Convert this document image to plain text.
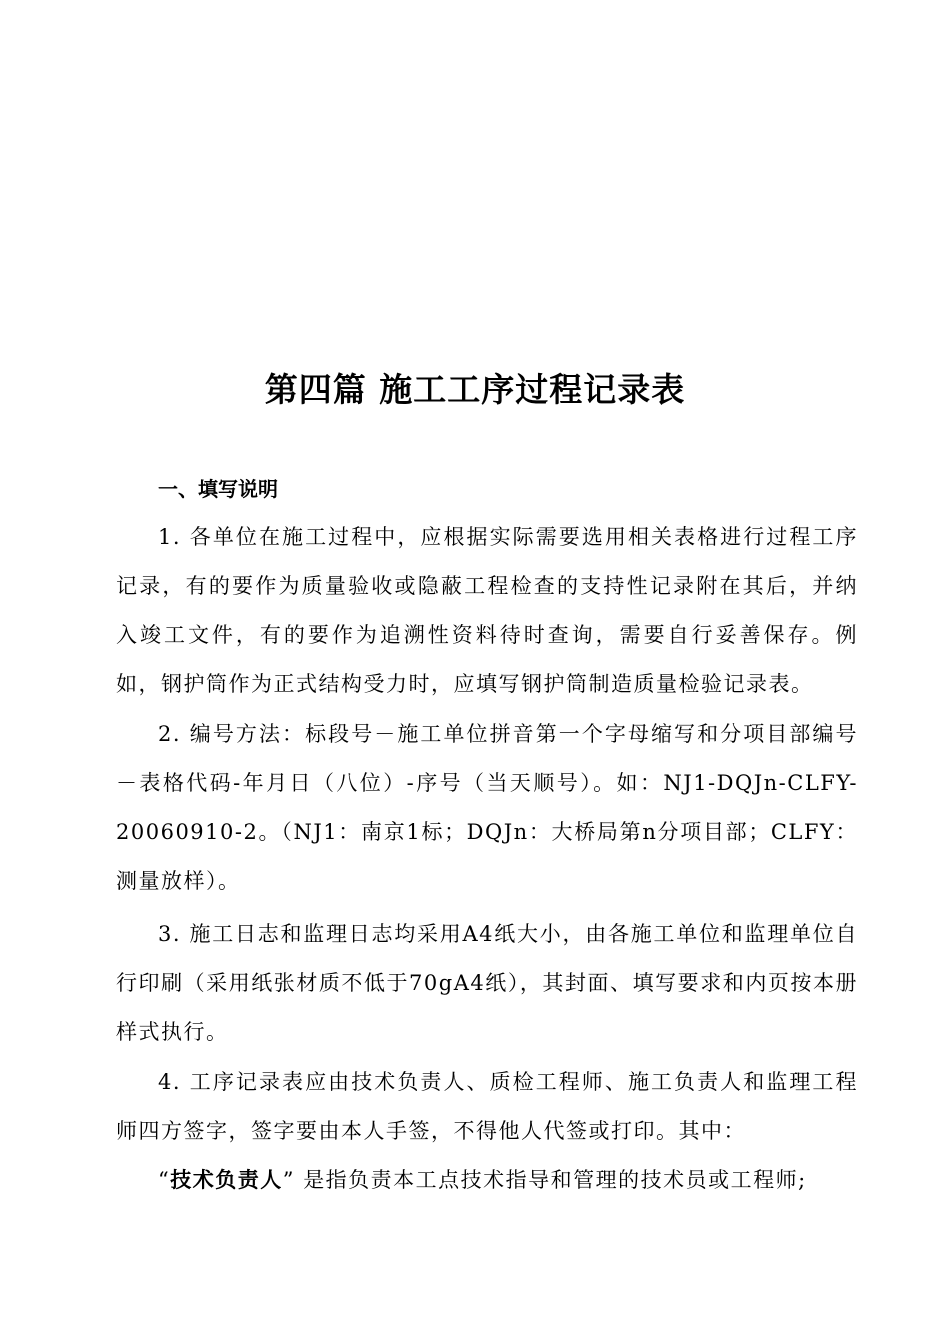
第四篇 施工工序过程记录表
一、填写说明

1. 各单位在施工过程中，应根据实际需要选用相关表格进行过程工序记录，有的要作为质量验收或隐蔽工程检查的支持性记录附在其后，并纳入竣工文件，有的要作为追溯性资料待时查询，需要自行妥善保存。例如，钢护筒作为正式结构受力时，应填写钢护筒制造质量检验记录表。

2. 编号方法：标段号－施工单位拼音第一个字母缩写和分项目部编号－表格代码-年月日（八位）-序号（当天顺号）。如：NJ1-DQJn-CLFY-20060910-2。（NJ1：南京1标；DQJn：大桥局第n分项目部；CLFY：测量放样）。

3. 施工日志和监理日志均采用A4纸大小，由各施工单位和监理单位自行印刷（采用纸张材质不低于70gA4纸），其封面、填写要求和内页按本册样式执行。

4. 工序记录表应由技术负责人、质检工程师、施工负责人和监理工程师四方签字，签字要由本人手签，不得他人代签或打印。其中：

“技术负责人” 是指负责本工点技术指导和管理的技术员或工程师;
